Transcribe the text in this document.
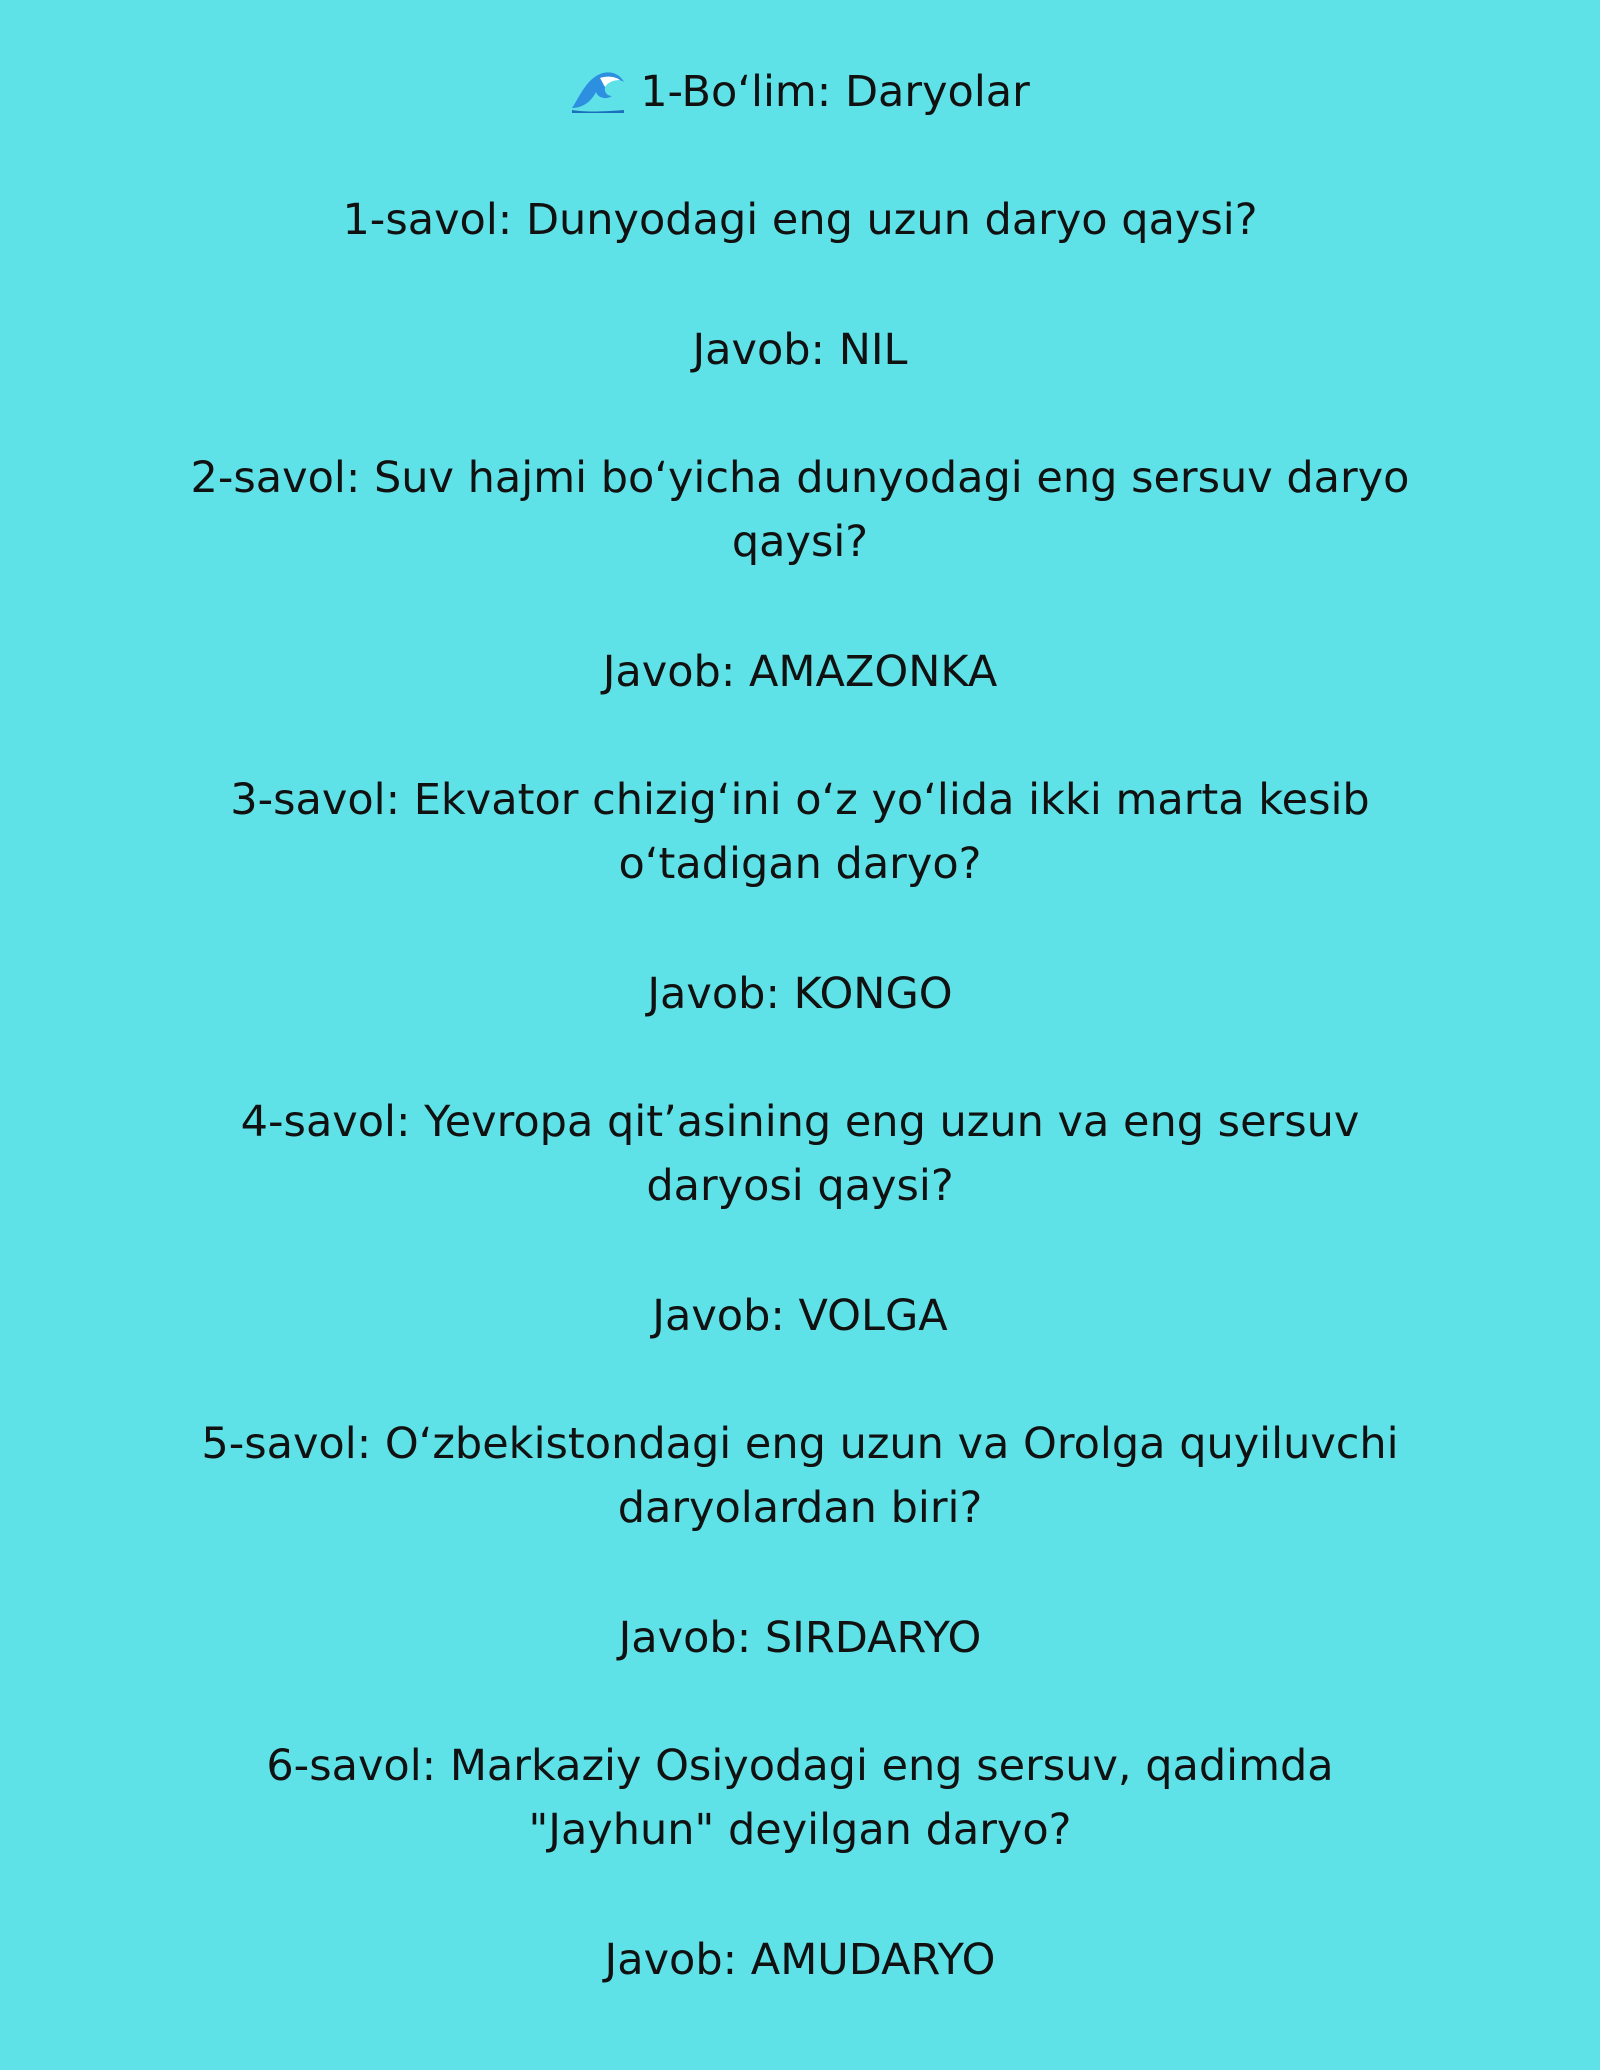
1-Bo‘lim: Daryolar
1-savol: Dunyodagi eng uzun daryo qaysi?
Javob: NIL
2-savol: Suv hajmi bo‘yicha dunyodagi eng sersuv daryo qaysi?
Javob: AMAZONKA
3-savol: Ekvator chizig‘ini o‘z yo‘lida ikki marta kesib o‘tadigan daryo?
Javob: KONGO
4-savol: Yevropa qit’asining eng uzun va eng sersuv daryosi qaysi?
Javob: VOLGA
5-savol: O‘zbekistondagi eng uzun va Orolga quyiluvchi daryolardan biri?
Javob: SIRDARYO
6-savol: Markaziy Osiyodagi eng sersuv, qadimda "Jayhun" deyilgan daryo?
Javob: AMUDARYO
